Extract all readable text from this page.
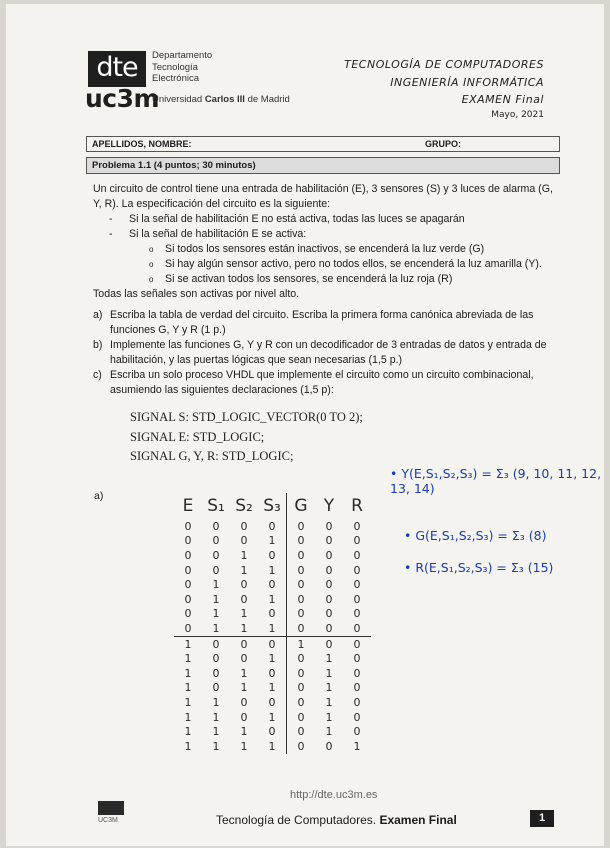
dte	Departamento
Tecnología
Electrónica
uc3m
Universidad Carlos III de Madrid
TECNOLOGÍA DE COMPUTADORES
INGENIERÍA INFORMÁTICA
EXAMEN Final
Mayo, 2021
APELLIDOS, NOMBRE:	GRUPO:
Problema 1.1 (4 puntos; 30 minutos)

Un circuito de control tiene una entrada de habilitación (E), 3 sensores (S) y 3 luces de alarma (G, Y, R). La especificación del circuito es la siguiente:

- Si la señal de habilitación E no está activa, todas las luces se apagarán

- Si la señal de habilitación E se activa:

o Si todos los sensores están inactivos, se encenderá la luz verde (G)

o Si hay algún sensor activo, pero no todos ellos, se encenderá la luz amarilla (Y).

o Si se activan todos los sensores, se encenderá la luz roja (R)

Todas las señales son activas por nivel alto.

a) Escriba la tabla de verdad del circuito. Escriba la primera forma canónica abreviada de las funciones G, Y y R (1 p.)

b) Implemente las funciones G, Y y R con un decodificador de 3 entradas de datos y entrada de habilitación, y las puertas lógicas que sean necesarias (1,5 p.)

c) Escriba un solo proceso VHDL que implemente el circuito como un circuito combinacional, asumiendo las siguientes declaraciones (1,5 p):

SIGNAL S: STD_LOGIC_VECTOR(0 TO 2);
SIGNAL E: STD_LOGIC;
SIGNAL G, Y, R: STD_LOGIC;
a)	E	S₁	S₂	S₃	G	Y	R
0	0	0	0	0	0	0
0	0	0	1	0	0	0
0	0	1	0	0	0	0
0	0	1	1	0	0	0
0	1	0	0	0	0	0
0	1	0	1	0	0	0
0	1	1	0	0	0	0
0	1	1	1	0	0	0
1	0	0	0	1	0	0
1	0	0	1	0	1	0
1	0	1	0	0	1	0
1	0	1	1	0	1	0
1	1	0	0	0	1	0
1	1	0	1	0	1	0
1	1	1	0	0	1	0
1	1	1	1	0	0	1
• Y(E,S₁,S₂,S₃) = Σ₃ (9, 10, 11, 12, 13, 14)
• G(E,S₁,S₂,S₃) = Σ₃ (8)
• R(E,S₁,S₂,S₃) = Σ₃ (15)
http://dte.uc3m.es
UC3M	Tecnología de Computadores. Examen Final	1
